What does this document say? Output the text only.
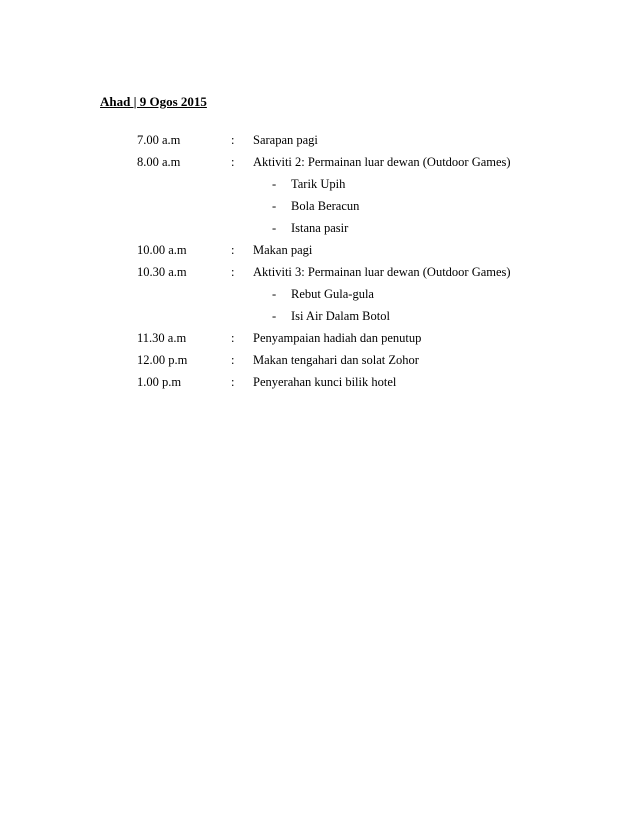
Ahad | 9 Ogos 2015
7.00 a.m	: Sarapan pagi
8.00 a.m	: Aktiviti 2: Permainan luar dewan (Outdoor Games)
- Tarik Upih
- Bola Beracun
- Istana pasir
10.00 a.m	: Makan pagi
10.30 a.m	: Aktiviti 3: Permainan luar dewan (Outdoor Games)
- Rebut Gula-gula
- Isi Air Dalam Botol
11.30 a.m	: Penyampaian hadiah dan penutup
12.00 p.m	: Makan tengahari dan solat Zohor
1.00 p.m	: Penyerahan kunci bilik hotel
